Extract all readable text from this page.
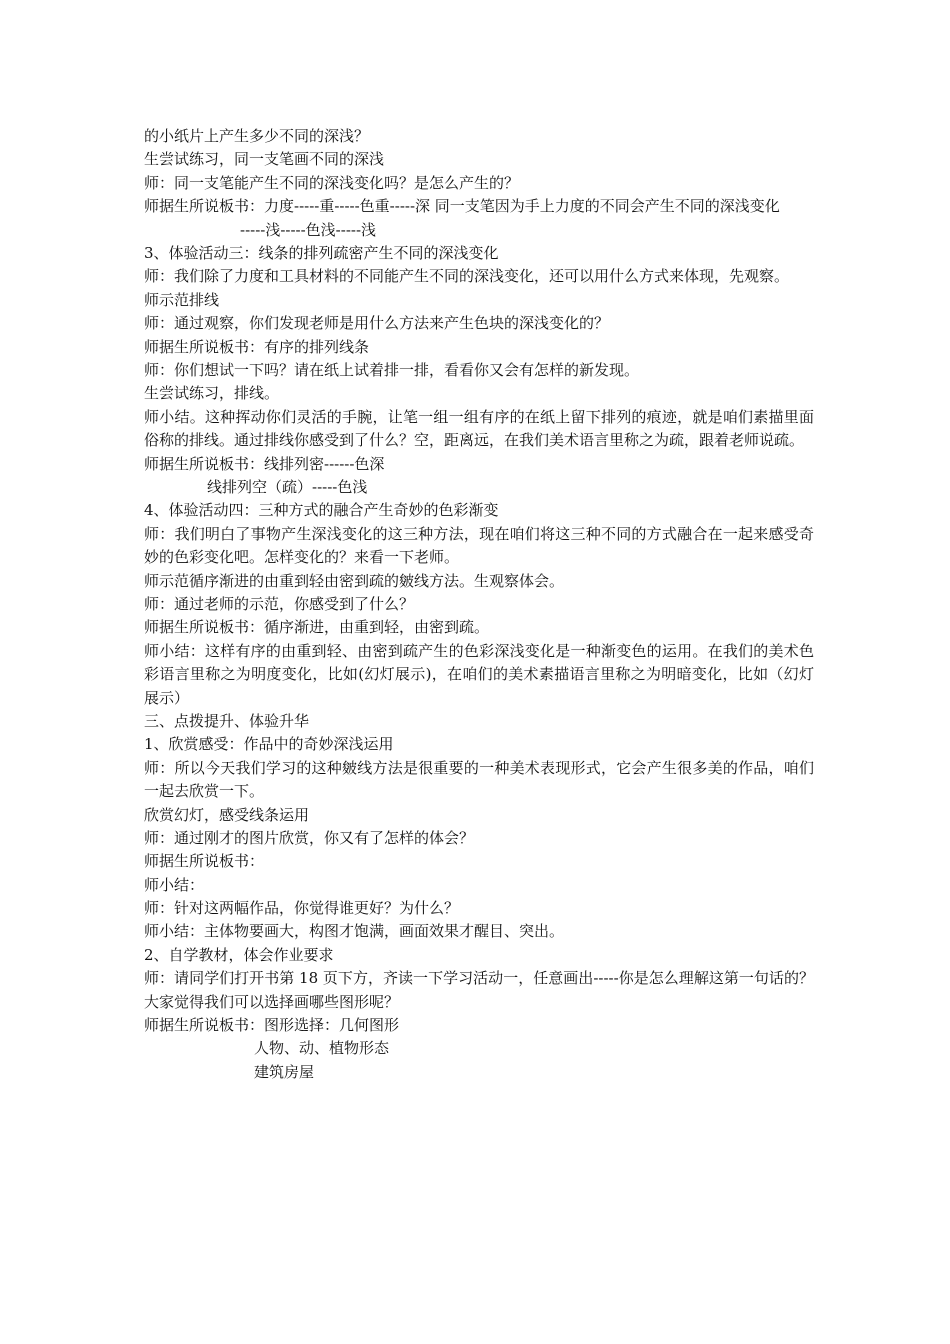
的小纸片上产生多少不同的深浅？
生尝试练习，同一支笔画不同的深浅
师：同一支笔能产生不同的深浅变化吗？是怎么产生的？
师据生所说板书：力度-----重-----色重-----深 同一支笔因为手上力度的不同会产生不同的深浅变化
-----浅-----色浅-----浅
3、体验活动三：线条的排列疏密产生不同的深浅变化
师：我们除了力度和工具材料的不同能产生不同的深浅变化，还可以用什么方式来体现，先观察。
师示范排线
师：通过观察，你们发现老师是用什么方法来产生色块的深浅变化的？
师据生所说板书：有序的排列线条
师：你们想试一下吗？请在纸上试着排一排，看看你又会有怎样的新发现。
生尝试练习，排线。
师小结。这种挥动你们灵活的手腕，让笔一组一组有序的在纸上留下排列的痕迹，就是咱们素描里面俗称的排线。通过排线你感受到了什么？空，距离远，在我们美术语言里称之为疏，跟着老师说疏。
师据生所说板书：线排列密------色深
线排列空（疏）-----色浅
4、体验活动四：三种方式的融合产生奇妙的色彩渐变
师：我们明白了事物产生深浅变化的这三种方法，现在咱们将这三种不同的方式融合在一起来感受奇妙的色彩变化吧。怎样变化的？来看一下老师。
师示范循序渐进的由重到轻由密到疏的皴线方法。生观察体会。
师：通过老师的示范，你感受到了什么？
师据生所说板书：循序渐进，由重到轻，由密到疏。
师小结：这样有序的由重到轻、由密到疏产生的色彩深浅变化是一种渐变色的运用。在我们的美术色彩语言里称之为明度变化，比如(幻灯展示)，在咱们的美术素描语言里称之为明暗变化，比如（幻灯展示）
三、点拨提升、体验升华
1、欣赏感受：作品中的奇妙深浅运用
师：所以今天我们学习的这种皴线方法是很重要的一种美术表现形式，它会产生很多美的作品，咱们一起去欣赏一下。
欣赏幻灯，感受线条运用
师：通过刚才的图片欣赏，你又有了怎样的体会？
师据生所说板书：
师小结：
师：针对这两幅作品，你觉得谁更好？为什么？
师小结：主体物要画大，构图才饱满，画面效果才醒目、突出。
2、自学教材，体会作业要求
师：请同学们打开书第 18 页下方，齐读一下学习活动一，任意画出-----你是怎么理解这第一句话的？大家觉得我们可以选择画哪些图形呢？
师据生所说板书：图形选择：几何图形
人物、动、植物形态
建筑房屋
